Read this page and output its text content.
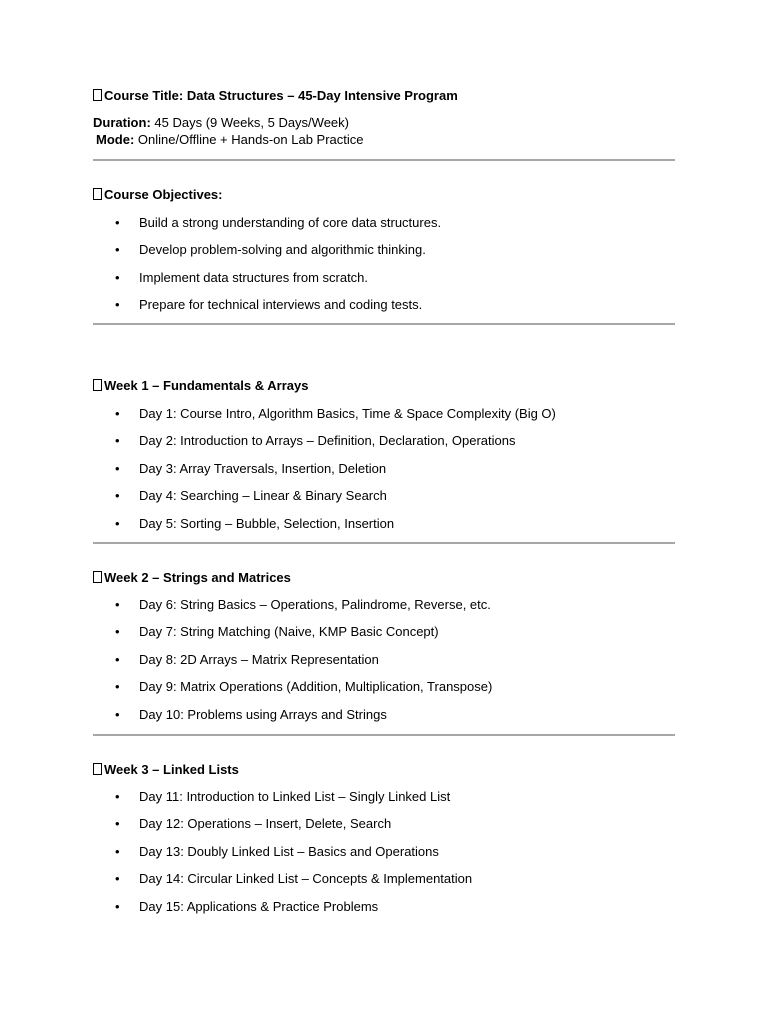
Course Title: Data Structures – 45-Day Intensive Program
Duration: 45 Days (9 Weeks, 5 Days/Week)
Mode: Online/Offline + Hands-on Lab Practice
Course Objectives:
• Build a strong understanding of core data structures.
• Develop problem-solving and algorithmic thinking.
• Implement data structures from scratch.
• Prepare for technical interviews and coding tests.
Week 1 – Fundamentals & Arrays
• Day 1: Course Intro, Algorithm Basics, Time & Space Complexity (Big O)
• Day 2: Introduction to Arrays – Definition, Declaration, Operations
• Day 3: Array Traversals, Insertion, Deletion
• Day 4: Searching – Linear & Binary Search
• Day 5: Sorting – Bubble, Selection, Insertion
Week 2 – Strings and Matrices
• Day 6: String Basics – Operations, Palindrome, Reverse, etc.
• Day 7: String Matching (Naive, KMP Basic Concept)
• Day 8: 2D Arrays – Matrix Representation
• Day 9: Matrix Operations (Addition, Multiplication, Transpose)
• Day 10: Problems using Arrays and Strings
Week 3 – Linked Lists
• Day 11: Introduction to Linked List – Singly Linked List
• Day 12: Operations – Insert, Delete, Search
• Day 13: Doubly Linked List – Basics and Operations
• Day 14: Circular Linked List – Concepts & Implementation
• Day 15: Applications & Practice Problems
